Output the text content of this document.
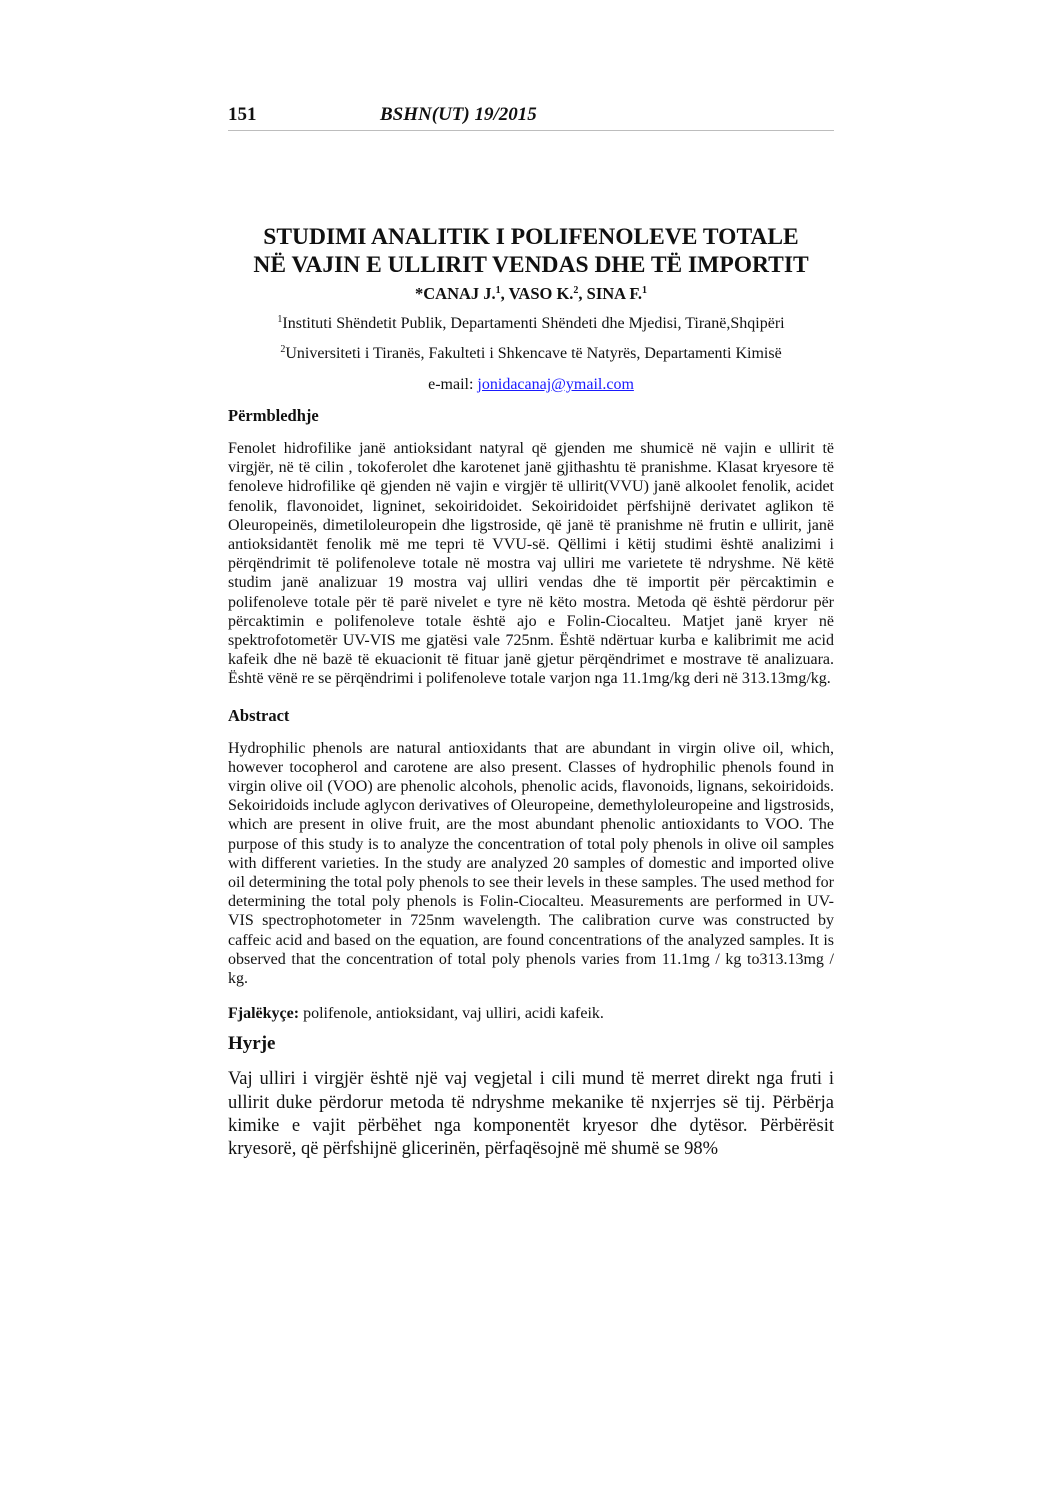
151	BSHN(UT) 19/2015
STUDIMI ANALITIK I POLIFENOLEVE TOTALE
NË VAJIN E ULLIRIT VENDAS DHE TË IMPORTIT
*CANAJ J.$^1$, VASO K.$^2$, SINA F.$^1$
$^1$Instituti Shëndetit Publik, Departamenti Shëndeti dhe Mjedisi, Tiranë,Shqipëri
$^2$Universiteti i Tiranës, Fakulteti i Shkencave të Natyrës, Departamenti Kimisë
e-mail: jonidacanaj@ymail.com
Përmbledhje

Fenolet hidrofilike janë antioksidant natyral që gjenden me shumicë në vajin e ullirit të virgjër, në të cilin , tokoferolet dhe karotenet janë gjithashtu të pranishme. Klasat kryesore të fenoleve hidrofilike që gjenden në vajin e virgjër të ullirit(VVU) janë alkoolet fenolik, acidet fenolik, flavonoidet, ligninet, sekoiridoidet. Sekoiridoidet përfshijnë derivatet aglikon të Oleuropeinës, dimetiloleuropein dhe ligstroside, që janë të pranishme në frutin e ullirit, janë antioksidantët fenolik më me tepri të VVU-së. Qëllimi i këtij studimi është analizimi i përqëndrimit të polifenoleve totale në mostra vaj ulliri me varietete të ndryshme. Në këtë studim janë analizuar 19 mostra vaj ulliri vendas dhe të importit për përcaktimin e polifenoleve totale për të parë nivelet e tyre në këto mostra. Metoda që është përdorur për përcaktimin e polifenoleve totale është ajo e Folin-Ciocalteu. Matjet janë kryer në spektrofotometër UV-VIS me gjatësi vale 725nm. Është ndërtuar kurba e kalibrimit me acid kafeik dhe në bazë të ekuacionit të fituar janë gjetur përqëndrimet e mostrave të analizuara. Është vënë re se përqëndrimi i polifenoleve totale varjon nga 11.1mg/kg deri në 313.13mg/kg.

Abstract

Hydrophilic phenols are natural antioxidants that are abundant in virgin olive oil, which, however tocopherol and carotene are also present. Classes of hydrophilic phenols found in virgin olive oil (VOO) are phenolic alcohols, phenolic acids, flavonoids, lignans, sekoiridoids. Sekoiridoids include aglycon derivatives of Oleuropeine, demethyloleuropeine and ligstrosids, which are present in olive fruit, are the most abundant phenolic antioxidants to VOO. The purpose of this study is to analyze the concentration of total poly phenols in olive oil samples with different varieties. In the study are analyzed 20 samples of domestic and imported olive oil determining the total poly phenols to see their levels in these samples. The used method for determining the total poly phenols is Folin-Ciocalteu. Measurements are performed in UV-VIS spectrophotometer in 725nm wavelength. The calibration curve was constructed by caffeic acid and based on the equation, are found concentrations of the analyzed samples. It is observed that the concentration of total poly phenols varies from 11.1mg / kg to313.13mg / kg.

Fjalëkyçe: polifenole, antioksidant, vaj ulliri, acidi kafeik.
Hyrje

Vaj ulliri i virgjër është një vaj vegjetal i cili mund të merret direkt nga fruti i ullirit duke përdorur metoda të ndryshme mekanike të nxjerrjes së tij. Përbërja kimike e vajit përbëhet nga komponentët kryesor dhe dytësor. Përbërësit kryesorë, që përfshijnë glicerinën, përfaqësojnë më shumë se 98%
